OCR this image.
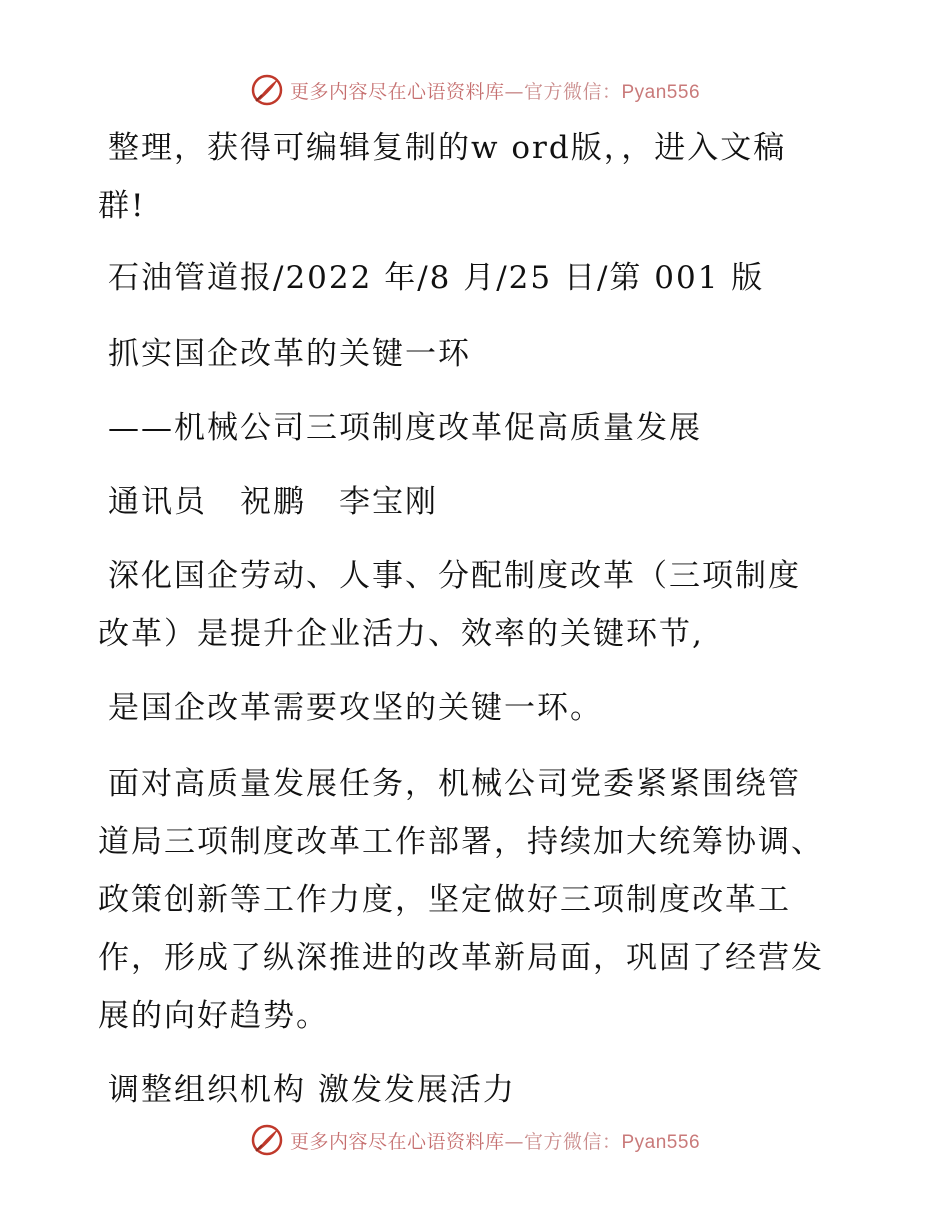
更多内容尽在心语资料库—官方微信：Pyan556
整理，获得可编辑复制的w ord版，，进入文稿
群!
石油管道报/2022 年/8 月/25 日/第 001 版
抓实国企改革的关键一环
——机械公司三项制度改革促高质量发展
通讯员　祝鹏　李宝刚
深化国企劳动、人事、分配制度改革（三项制度
改革）是提升企业活力、效率的关键环节,
是国企改革需要攻坚的关键一环。
面对高质量发展任务，机械公司党委紧紧围绕管
道局三项制度改革工作部署，持续加大统筹协调、
政策创新等工作力度，坚定做好三项制度改革工
作，形成了纵深推进的改革新局面，巩固了经营发
展的向好趋势。
调整组织机构 激发发展活力
更多内容尽在心语资料库—官方微信：Pyan556
